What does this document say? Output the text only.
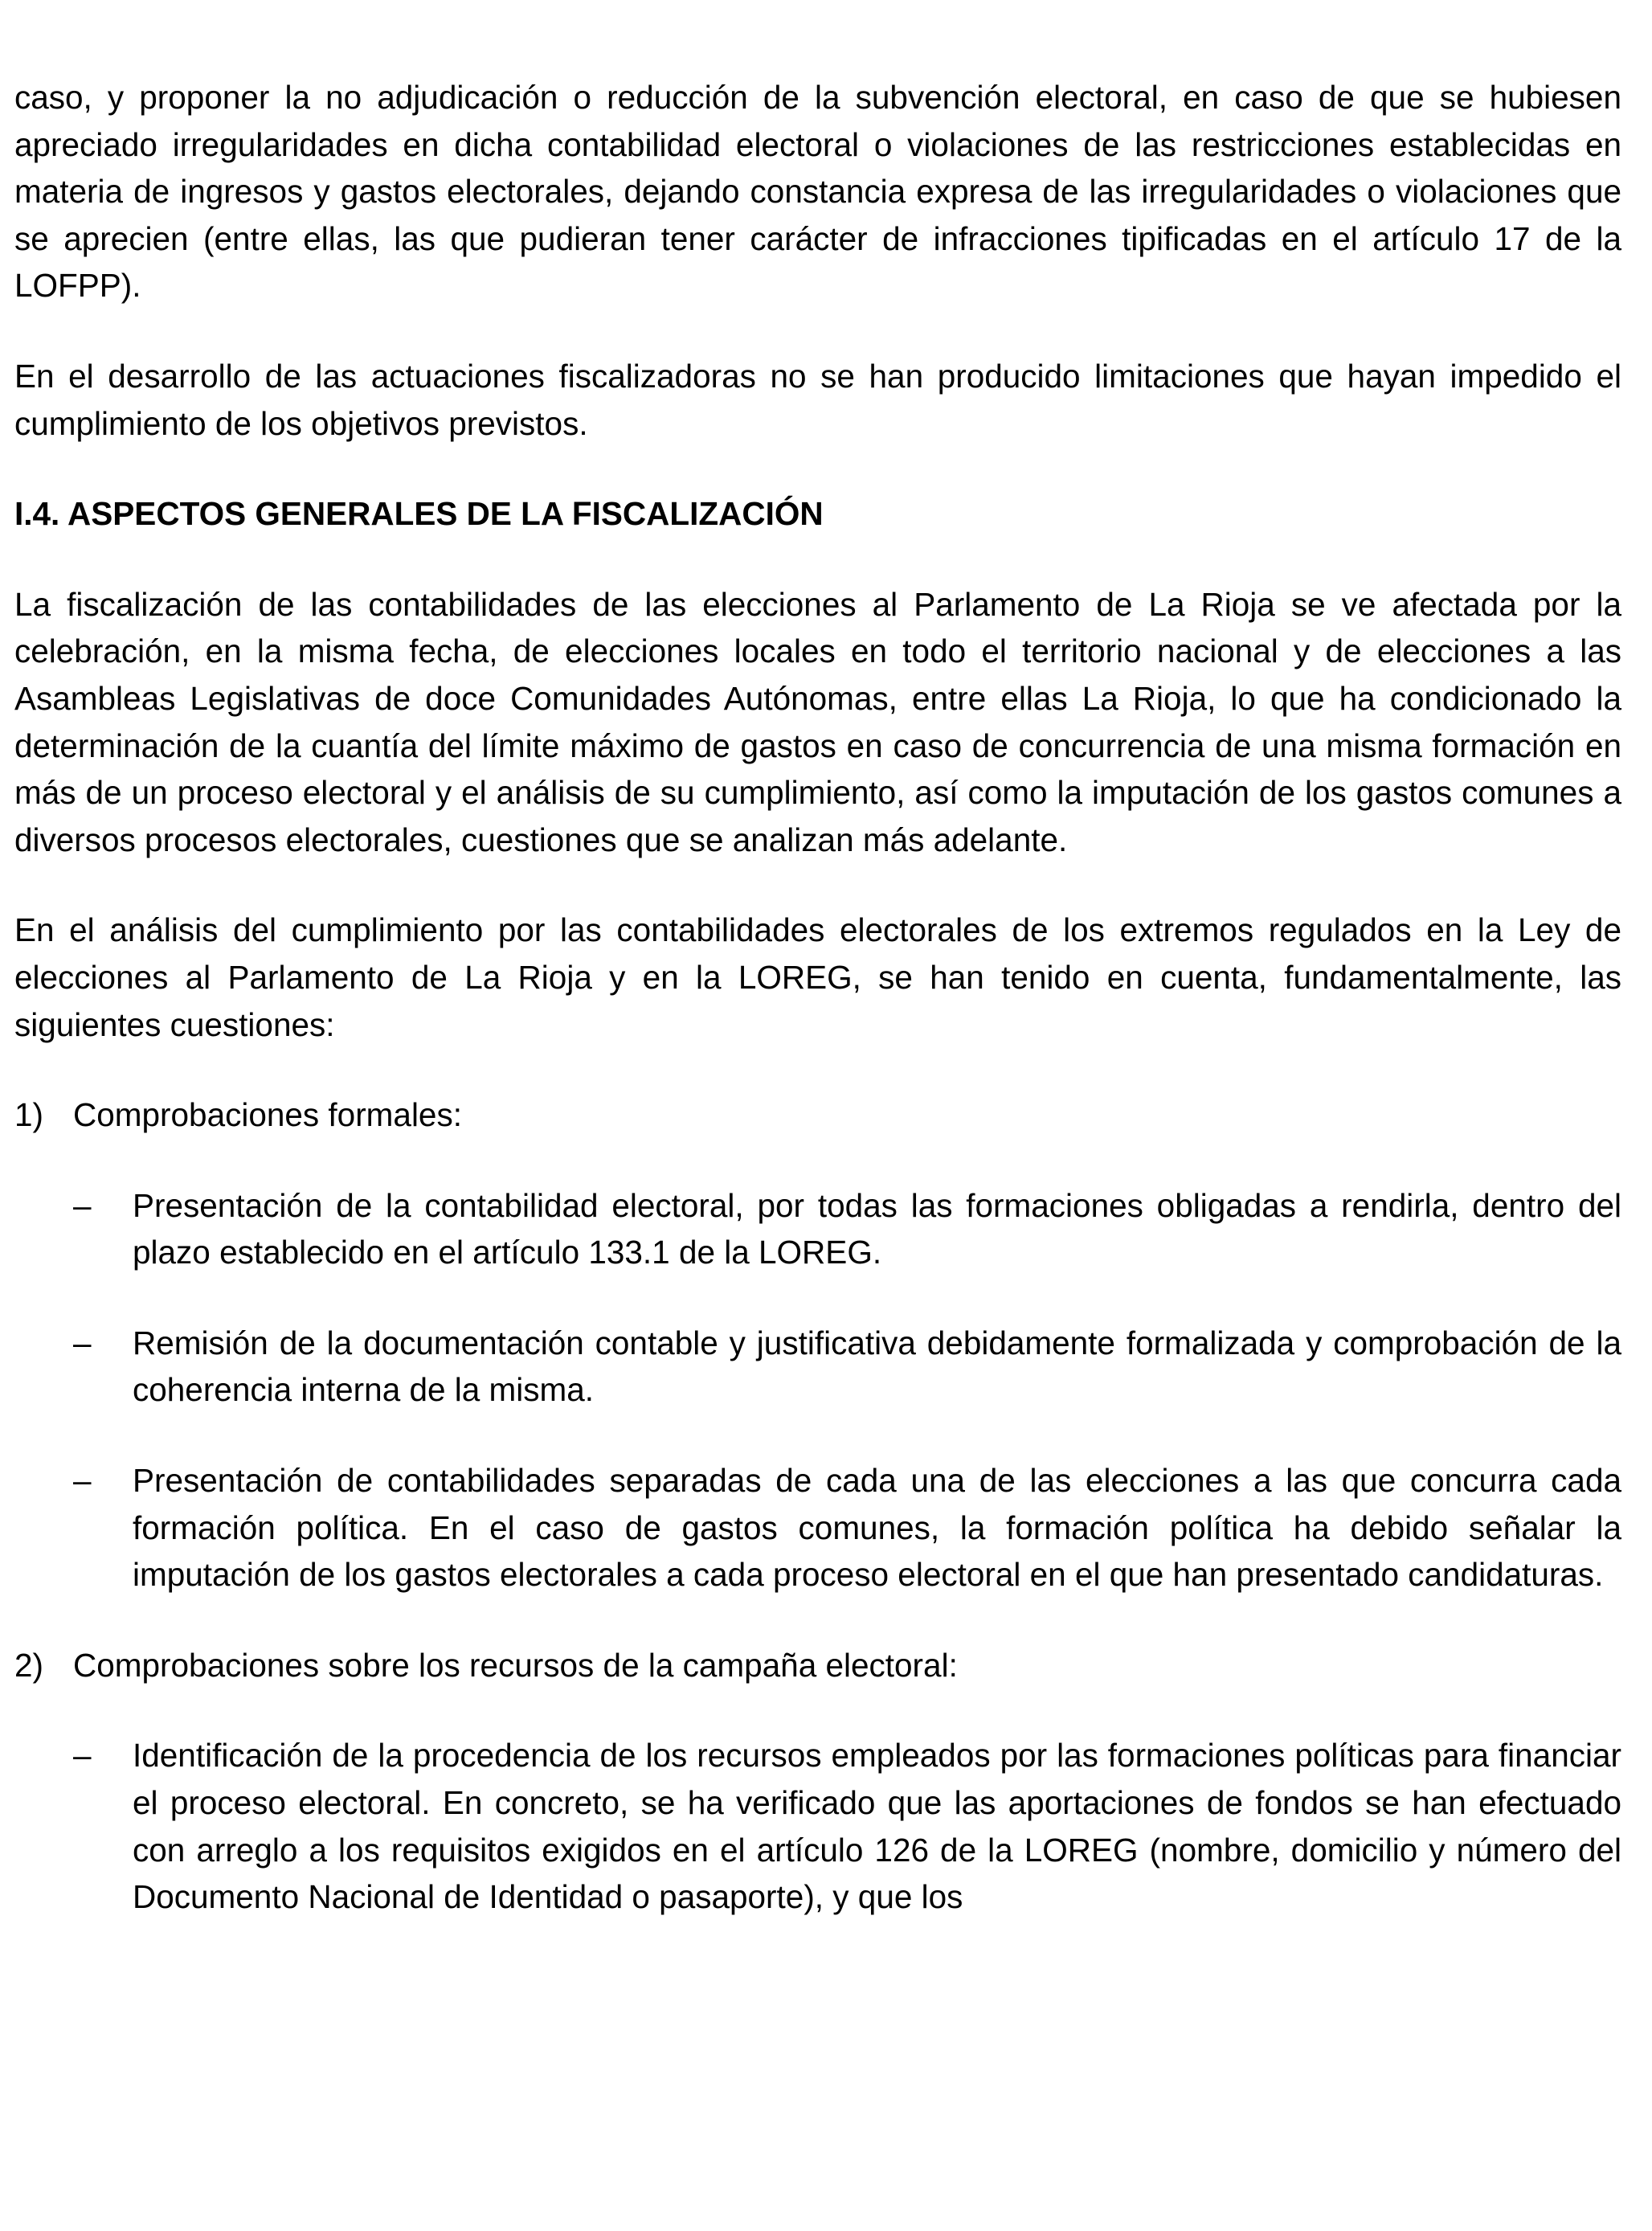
caso, y proponer la no adjudicación o reducción de la subvención electoral, en caso de que se hubiesen apreciado irregularidades en dicha contabilidad electoral o violaciones de las restricciones establecidas en materia de ingresos y gastos electorales, dejando constancia expresa de las irregularidades o violaciones que se aprecien (entre ellas, las que pudieran tener carácter de infracciones tipificadas en el artículo 17 de la LOFPP).

En el desarrollo de las actuaciones fiscalizadoras no se han producido limitaciones que hayan impedido el cumplimiento de los objetivos previstos.

I.4. ASPECTOS GENERALES DE LA FISCALIZACIÓN

La fiscalización de las contabilidades de las elecciones al Parlamento de La Rioja se ve afectada por la celebración, en la misma fecha, de elecciones locales en todo el territorio nacional y de elecciones a las Asambleas Legislativas de doce Comunidades Autónomas, entre ellas La Rioja, lo que ha condicionado la determinación de la cuantía del límite máximo de gastos en caso de concurrencia de una misma formación en más de un proceso electoral y el análisis de su cumplimiento, así como la imputación de los gastos comunes a diversos procesos electorales, cuestiones que se analizan más adelante.

En el análisis del cumplimiento por las contabilidades electorales de los extremos regulados en la Ley de elecciones al Parlamento de La Rioja y en la LOREG, se han tenido en cuenta, fundamentalmente, las siguientes cuestiones:

1) Comprobaciones formales:
–	Presentación de la contabilidad electoral, por todas las formaciones obligadas a rendirla, dentro del plazo establecido en el artículo 133.1 de la LOREG.

–	Remisión de la documentación contable y justificativa debidamente formalizada y comprobación de la coherencia interna de la misma.

–	Presentación de contabilidades separadas de cada una de las elecciones a las que concurra cada formación política. En el caso de gastos comunes, la formación política ha debido señalar la imputación de los gastos electorales a cada proceso electoral en el que han presentado candidaturas.

2) Comprobaciones sobre los recursos de la campaña electoral:
–	Identificación de la procedencia de los recursos empleados por las formaciones políticas para financiar el proceso electoral. En concreto, se ha verificado que las aportaciones de fondos se han efectuado con arreglo a los requisitos exigidos en el artículo 126 de la LOREG (nombre, domicilio y número del Documento Nacional de Identidad o pasaporte), y que los
